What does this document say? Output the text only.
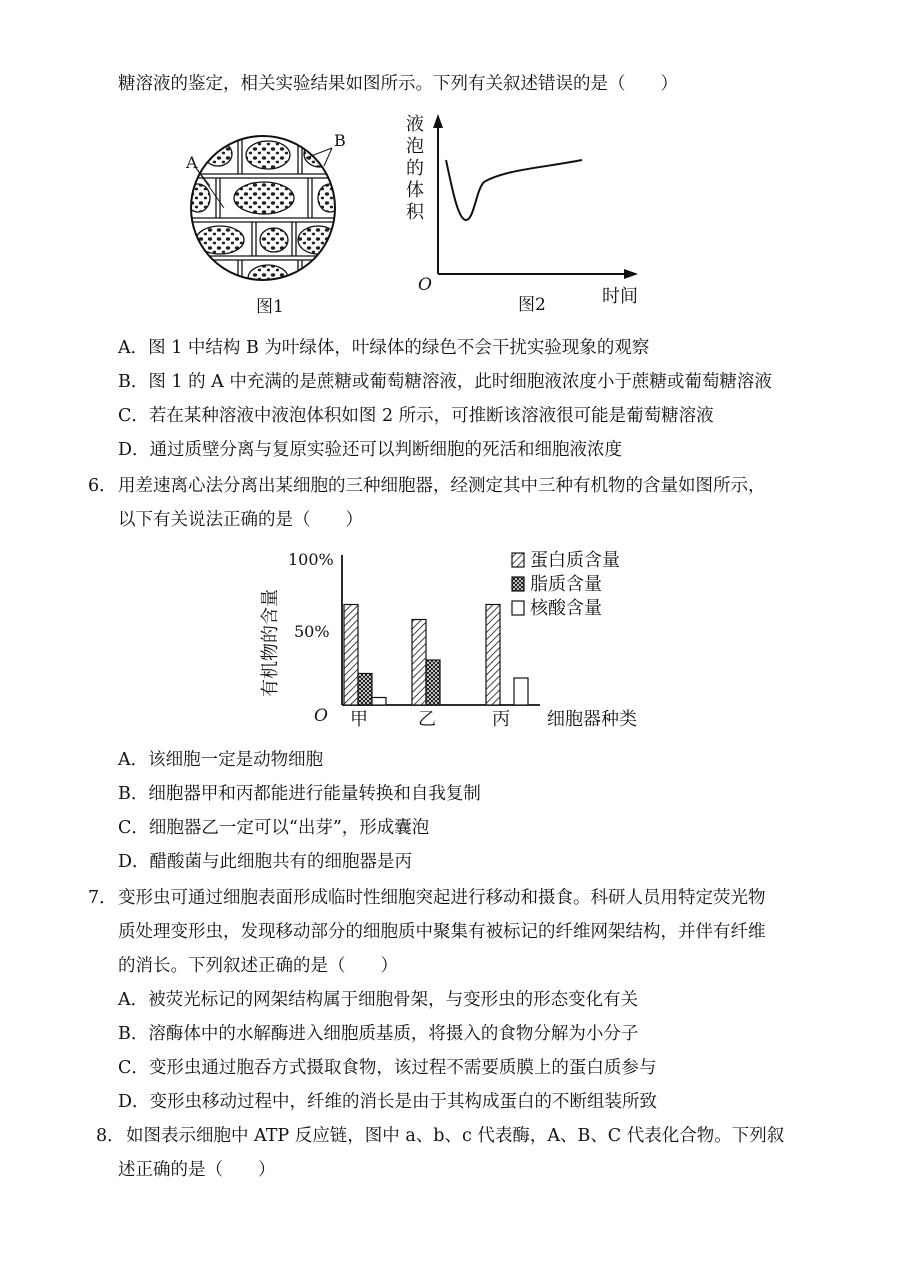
糖溶液的鉴定，相关实验结果如图所示。下列有关叙述错误的是（　　）
A
B
图1
液
泡
的
体
积
O
图2	时间
A．图 1 中结构 B 为叶绿体，叶绿体的绿色不会干扰实验现象的观察
B．图 1 的 A 中充满的是蔗糖或葡萄糖溶液，此时细胞液浓度小于蔗糖或葡萄糖溶液
C．若在某种溶液中液泡体积如图 2 所示，可推断该溶液很可能是葡萄糖溶液
D．通过质壁分离与复原实验还可以判断细胞的死活和细胞液浓度
6． 用差速离心法分离出某细胞的三种细胞器，经测定其中三种有机物的含量如图所示，
以下有关说法正确的是（　　）
有机物的含量
100%
50%
O	细胞器种类
甲	乙	丙
蛋白质含量
脂质含量
核酸含量
A．该细胞一定是动物细胞
B．细胞器甲和丙都能进行能量转换和自我复制
C．细胞器乙一定可以“出芽”，形成囊泡
D．醋酸菌与此细胞共有的细胞器是丙
7． 变形虫可通过细胞表面形成临时性细胞突起进行移动和摄食。科研人员用特定荧光物
质处理变形虫，发现移动部分的细胞质中聚集有被标记的纤维网架结构，并伴有纤维
的消长。下列叙述正确的是（　　）
A．被荧光标记的网架结构属于细胞骨架，与变形虫的形态变化有关
B．溶酶体中的水解酶进入细胞质基质，将摄入的食物分解为小分子
C．变形虫通过胞吞方式摄取食物，该过程不需要质膜上的蛋白质参与
D．变形虫移动过程中，纤维的消长是由于其构成蛋白的不断组装所致
8． 如图表示细胞中 ATP 反应链，图中 a、b、c 代表酶，A、B、C 代表化合物。下列叙
述正确的是（　　）
